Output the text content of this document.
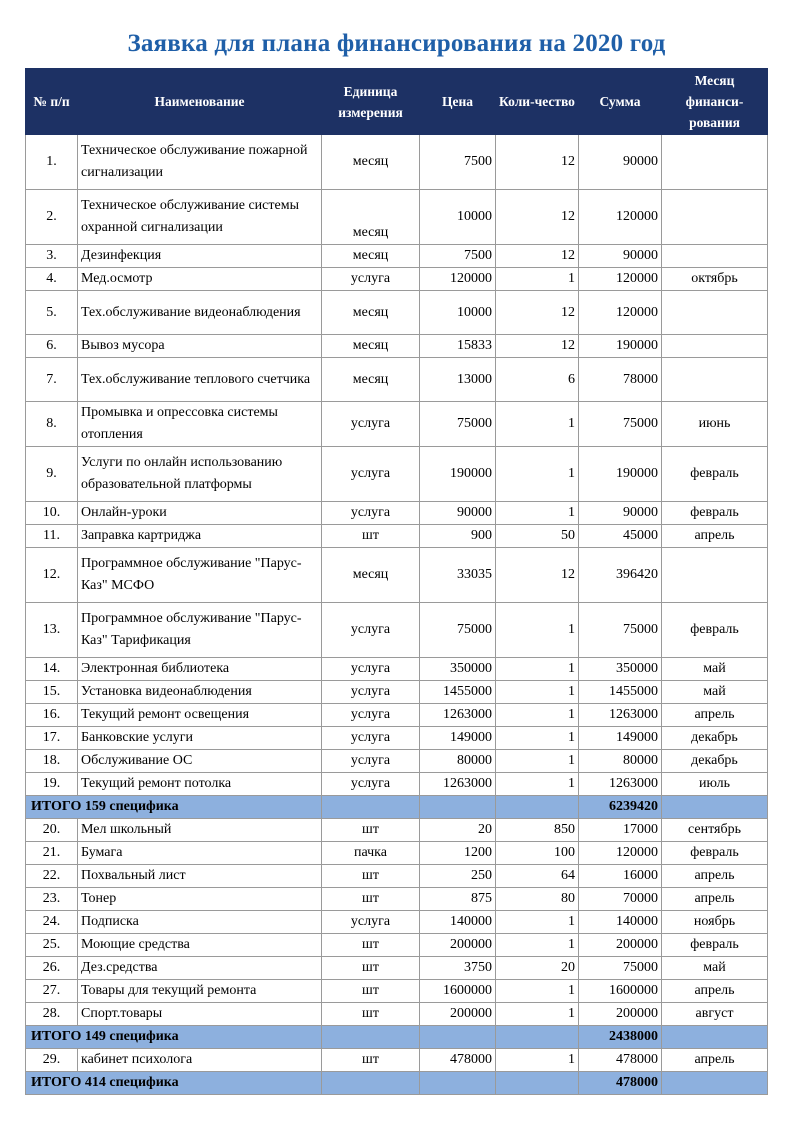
Заявка для плана финансирования на 2020 год
№ п/п	Наименование	Единица измерения	Цена	Коли-чество	Сумма	Месяц финанси-рования
1.	Техническое обслуживание пожарной сигнализации	месяц	7500	12	90000	
2.	Техническое обслуживание системы охранной сигнализации	месяц	10000	12	120000	
3.	Дезинфекция	месяц	7500	12	90000	
4.	Мед.осмотр	услуга	120000	1	120000	октябрь
5.	Тех.обслуживание видеонаблюдения	месяц	10000	12	120000	
6.	Вывоз мусора	месяц	15833	12	190000	
7.	Тех.обслуживание теплового счетчика	месяц	13000	6	78000	
8.	Промывка и опрессовка системы отопления	услуга	75000	1	75000	июнь
9.	Услуги по онлайн использованию образовательной платформы	услуга	190000	1	190000	февраль
10.	Онлайн-уроки	услуга	90000	1	90000	февраль
11.	Заправка картриджа	шт	900	50	45000	апрель
12.	Программное обслуживание "Парус-Каз" МСФО	месяц	33035	12	396420	
13.	Программное обслуживание "Парус-Каз" Тарификация	услуга	75000	1	75000	февраль
14.	Электронная библиотека	услуга	350000	1	350000	май
15.	Установка видеонаблюдения	услуга	1455000	1	1455000	май
16.	Текущий ремонт освещения	услуга	1263000	1	1263000	апрель
17.	Банковские услуги	услуга	149000	1	149000	декабрь
18.	Обслуживание ОС	услуга	80000	1	80000	декабрь
19.	Текущий ремонт потолка	услуга	1263000	1	1263000	июль
ИТОГО 159 специфика					6239420	
20.	Мел школьный	шт	20	850	17000	сентябрь
21.	Бумага	пачка	1200	100	120000	февраль
22.	Похвальный лист	шт	250	64	16000	апрель
23.	Тонер	шт	875	80	70000	апрель
24.	Подписка	услуга	140000	1	140000	ноябрь
25.	Моющие средства	шт	200000	1	200000	февраль
26.	Дез.средства	шт	3750	20	75000	май
27.	Товары для текущий ремонта	шт	1600000	1	1600000	апрель
28.	Спорт.товары	шт	200000	1	200000	август
ИТОГО 149 специфика					2438000	
29.	кабинет психолога	шт	478000	1	478000	апрель
ИТОГО 414 специфика					478000	
